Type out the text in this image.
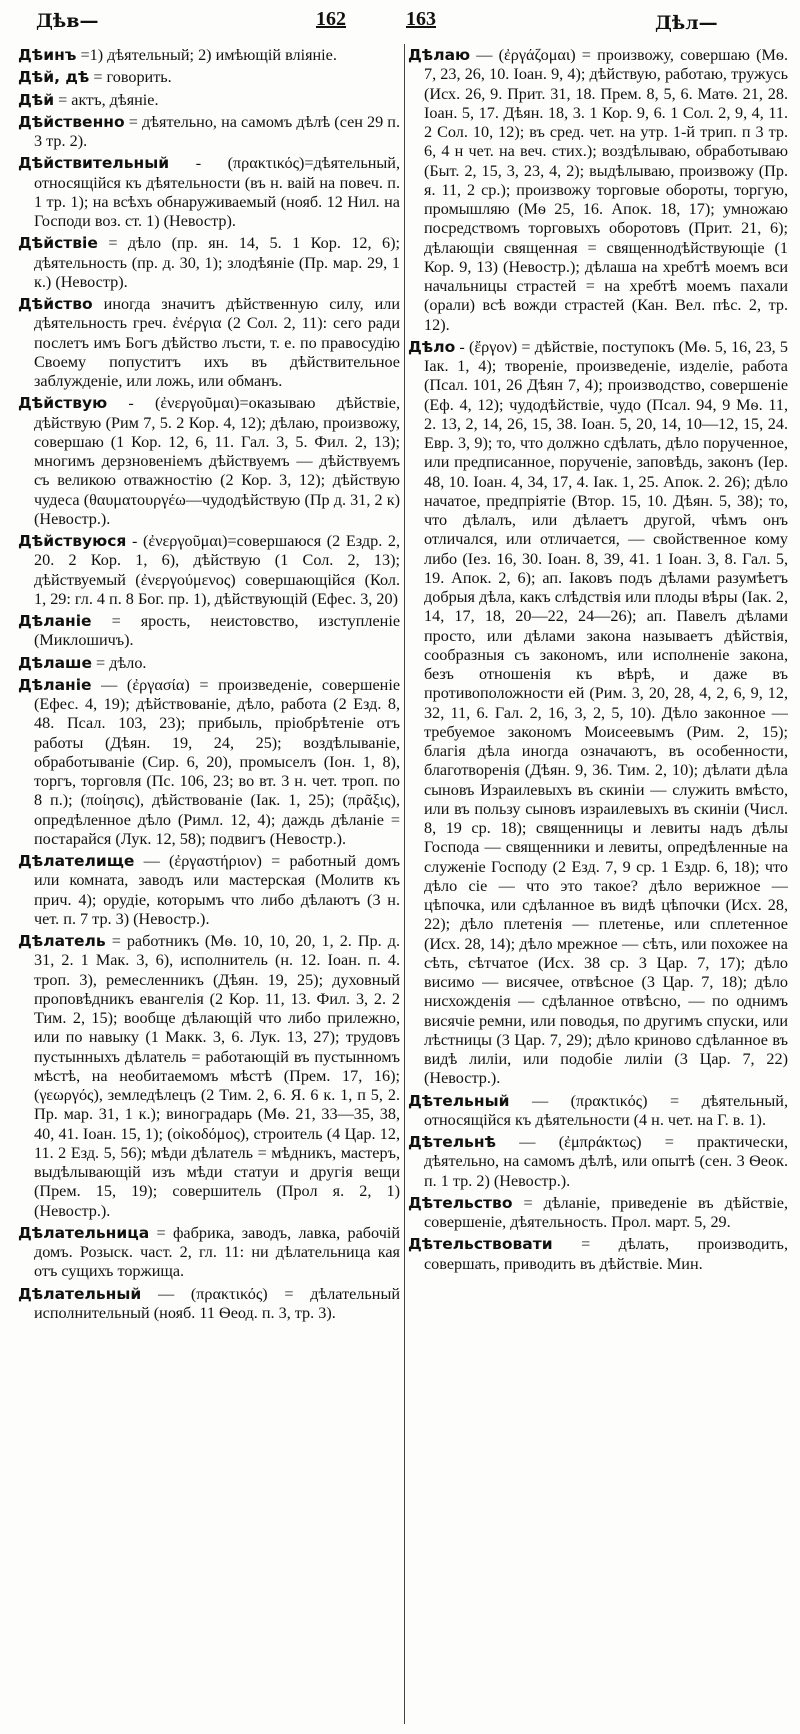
Дѣв—	162	163	Дѣл—

Дѣинъ =1) дѣятельный; 2) имѣющій вліяніе.

Дѣй, дѣ = говорить.

Дѣй = актъ, дѣяніе.

Дѣйственно = дѣятельно, на самомъ дѣлѣ (сен 29 п. 3 тр. 2).

Дѣйствительный - (πρακτικός)=дѣятельный, относящійся къ дѣятельности (въ н. ваій на повеч. п. 1 тр. 1); на всѣхъ обнаруживаемый (нояб. 12 Нил. на Господи воз. ст. 1) (Невостр).

Дѣйствіе = дѣло (пр. ян. 14, 5. 1 Кор. 12, 6); дѣятельность (пр. д. 30, 1); злодѣяніе (Пр. мар. 29, 1 к.) (Невостр).

Дѣйство иногда значитъ дѣйственную силу, или дѣятельность греч. ἐνέργια (2 Сол. 2, 11): сего ради послетъ имъ Богъ дѣйство лъсти, т. е. по правосудію Своему попуститъ ихъ въ дѣйствительное заблужденіе, или ложь, или обманъ.

Дѣйствую - (ἐνεργοῦμαι)=оказываю дѣйствіе, дѣйствую (Рим 7, 5. 2 Кор. 4, 12); дѣлаю, произвожу, совершаю (1 Кор. 12, 6, 11. Гал. 3, 5. Фил. 2, 13); многимъ дерзновеніемъ дѣйствуемъ — дѣйствуемъ съ великою отважностію (2 Кор. 3, 12); дѣйствую чудеса (θαυματουργέω—чудодѣйствую (Пр д. 31, 2 к) (Невостр.).

Дѣйствуюся - (ἐνεργοῦμαι)=совершаюся (2 Ездр. 2, 20. 2 Кор. 1, 6), дѣйствую (1 Сол. 2, 13); дѣйствуемый (ἐνεργούμενος) совершающійся (Кол. 1, 29: гл. 4 п. 8 Бог. пр. 1), дѣйствующій (Ефес. 3, 20)

Дѣланіе = ярость, неистовство, изступленіе (Миклошичъ).

Дѣлаше = дѣло.

Дѣланіе — (ἐργασία) = произведеніе, совершеніе (Ефес. 4, 19); дѣйствованіе, дѣло, работа (2 Езд. 8, 48. Псал. 103, 23); прибыль, пріобрѣтеніе отъ работы (Дѣян. 19, 24, 25); воздѣлываніе, обработываніе (Сир. 6, 20), промыселъ (Іон. 1, 8), торгъ, торговля (Пс. 106, 23; во вт. 3 н. чет. троп. по 8 п.); (ποίησις), дѣйствованіе (Iак. 1, 25); (πρᾶξις), опредѣленное дѣло (Римл. 12, 4); даждь дѣланіе = постарайся (Лук. 12, 58); подвигъ (Невостр.).

Дѣлателище — (ἐργαστήριον) = работный домъ или комната, заводъ или мастерская (Молитв къ прич. 4); орудіе, которымъ что либо дѣлаютъ (3 н. чет. п. 7 тр. 3) (Невостр.).

Дѣлатель = работникъ (Мѳ. 10, 10, 20, 1, 2. Пр. д. 31, 2. 1 Мак. 3, 6), исполнитель (н. 12. Іоан. п. 4. троп. 3), ремесленникъ (Дѣян. 19, 25); духовный проповѣдникъ евангелія (2 Кор. 11, 13. Фил. 3, 2. 2 Тим. 2, 15); вообще дѣлающій что либо прилежно, или по навыку (1 Макк. 3, 6. Лук. 13, 27); трудовъ пустынныхъ дѣлатель = работающій въ пустынномъ мѣстѣ, на необитаемомъ мѣстѣ (Прем. 17, 16); (γεωργός), земледѣлецъ (2 Тим. 2, 6. Я. 6 к. 1, п 5, 2. Пр. мар. 31, 1 к.); виноградарь (Мѳ. 21, 33—35, 38, 40, 41. Іоан. 15, 1); (οἰκοδόμος), строитель (4 Цар. 12, 11. 2 Езд. 5, 56); мѣди дѣлатель = мѣдникъ, мастеръ, выдѣлывающій изъ мѣди статуи и другія вещи (Прем. 15, 19); совершитель (Прол я. 2, 1) (Невостр.).

Дѣлательница = фабрика, заводъ, лавка, рабочій домъ. Розыск. част. 2, гл. 11: ни дѣлательница кая отъ сущихъ торжища.

Дѣлательный — (πρακτικός) = дѣлательный исполнительный (нояб. 11 Ѳеод. п. 3, тр. 3).

Дѣлаю — (ἐργάζομαι) = произвожу, совершаю (Мѳ. 7, 23, 26, 10. Іоан. 9, 4); дѣйствую, работаю, тружусь (Исх. 26, 9. Прит. 31, 18. Прем. 8, 5, 6. Матѳ. 21, 28. Іоан. 5, 17. Дѣян. 18, 3. 1 Кор. 9, 6. 1 Сол. 2, 9, 4, 11. 2 Сол. 10, 12); въ сред. чет. на утр. 1-й трип. п 3 тр. 6, 4 н чет. на веч. стих.); воздѣлываю, обработываю (Быт. 2, 15, 3, 23, 4, 2); выдѣлываю, произвожу (Пр. я. 11, 2 ср.); произвожу торговые обороты, торгую, промышляю (Мѳ 25, 16. Апок. 18, 17); умножаю посредствомъ торговыхъ оборотовъ (Прит. 21, 6); дѣлающіи священная = священнодѣйствующіе (1 Кор. 9, 13) (Невостр.); дѣлаша на хребтѣ моемъ вси начальницы страстей = на хребтѣ моемъ пахали (орали) всѣ вожди страстей (Кан. Вел. пѣс. 2, тр. 12).

Дѣло - (ἔργον) = дѣйствіе, поступокъ (Мѳ. 5, 16, 23, 5 Iак. 1, 4); твореніе, произведеніе, изделіе, работа (Псал. 101, 26 Дѣян 7, 4); производство, совершеніе (Еф. 4, 12); чудодѣйствіе, чудо (Псал. 94, 9 Мѳ. 11, 2. 13, 2, 14, 26, 15, 38. Іоан. 5, 20, 14, 10—12, 15, 24. Евр. 3, 9); то, что должно сдѣлать, дѣло порученное, или предписанное, порученіе, заповѣдь, законъ (Іер. 48, 10. Іоан. 4, 34, 17, 4. Iак. 1, 25. Апок. 2. 26); дѣло начатое, предпріятіе (Втор. 15, 10. Дѣян. 5, 38); то, что дѣлалъ, или дѣлаетъ другой, чѣмъ онъ отличался, или отличается, — свойственное кому либо (Iез. 16, 30. Іоан. 8, 39, 41. 1 Іоан. 3, 8. Гал. 5, 19. Апок. 2, 6); ап. Iаковъ подъ дѣлами разумѣетъ добрыя дѣла, какъ слѣдствія или плоды вѣры (Iак. 2, 14, 17, 18, 20—22, 24—26); ап. Павелъ дѣлами просто, или дѣлами закона называетъ дѣйствія, сообразныя съ закономъ, или исполненіе закона, безъ отношенія къ вѣрѣ, и даже въ противоположности ей (Рим. 3, 20, 28, 4, 2, 6, 9, 12, 32, 11, 6. Гал. 2, 16, 3, 2, 5, 10). Дѣло законное — требуемое закономъ Моисеевымъ (Рим. 2, 15); благія дѣла иногда означаютъ, въ особенности, благотворенія (Дѣян. 9, 36. Тим. 2, 10); дѣлати дѣла сыновъ Израилевыхъ въ скиніи — служить вмѣсто, или въ пользу сыновъ израилевыхъ въ скиніи (Числ. 8, 19 ср. 18); священницы и левиты надъ дѣлы Господа — священники и левиты, опредѣленные на служеніе Господу (2 Езд. 7, 9 ср. 1 Ездр. 6, 18); что дѣло сіе — что это такое? дѣло верижное — цѣпочка, или сдѣланное въ видѣ цѣпочки (Исх. 28, 22); дѣло плетенія — плетенье, или сплетенное (Исх. 28, 14); дѣло мрежное — сѣть, или похожее на сѣть, сѣтчатое (Исх. 38 ср. 3 Цар. 7, 17); дѣло висимо — висячее, отвѣсное (3 Цар. 7, 18); дѣло нисхожденія — сдѣланное отвѣсно, — по однимъ висячіе ремни, или поводья, по другимъ спуски, или лѣстницы (3 Цар. 7, 29); дѣло криново сдѣланное въ видѣ лиліи, или подобіе лиліи (3 Цар. 7, 22) (Невостр.).

Дѣтельный — (πρακτικός) = дѣятельный, относящійся къ дѣятельности (4 н. чет. на Г. в. 1).

Дѣтельнѣ — (ἐμπράκτως) = практически, дѣятельно, на самомъ дѣлѣ, или опытѣ (сен. 3 Ѳеок. п. 1 тр. 2) (Невостр.).

Дѣтельство = дѣланіе, приведеніе въ дѣйствіе, совершеніе, дѣятельность. Прол. март. 5, 29.

Дѣтельствовати = дѣлать, производить, совершать, приводить въ дѣйствіе. Мин.
